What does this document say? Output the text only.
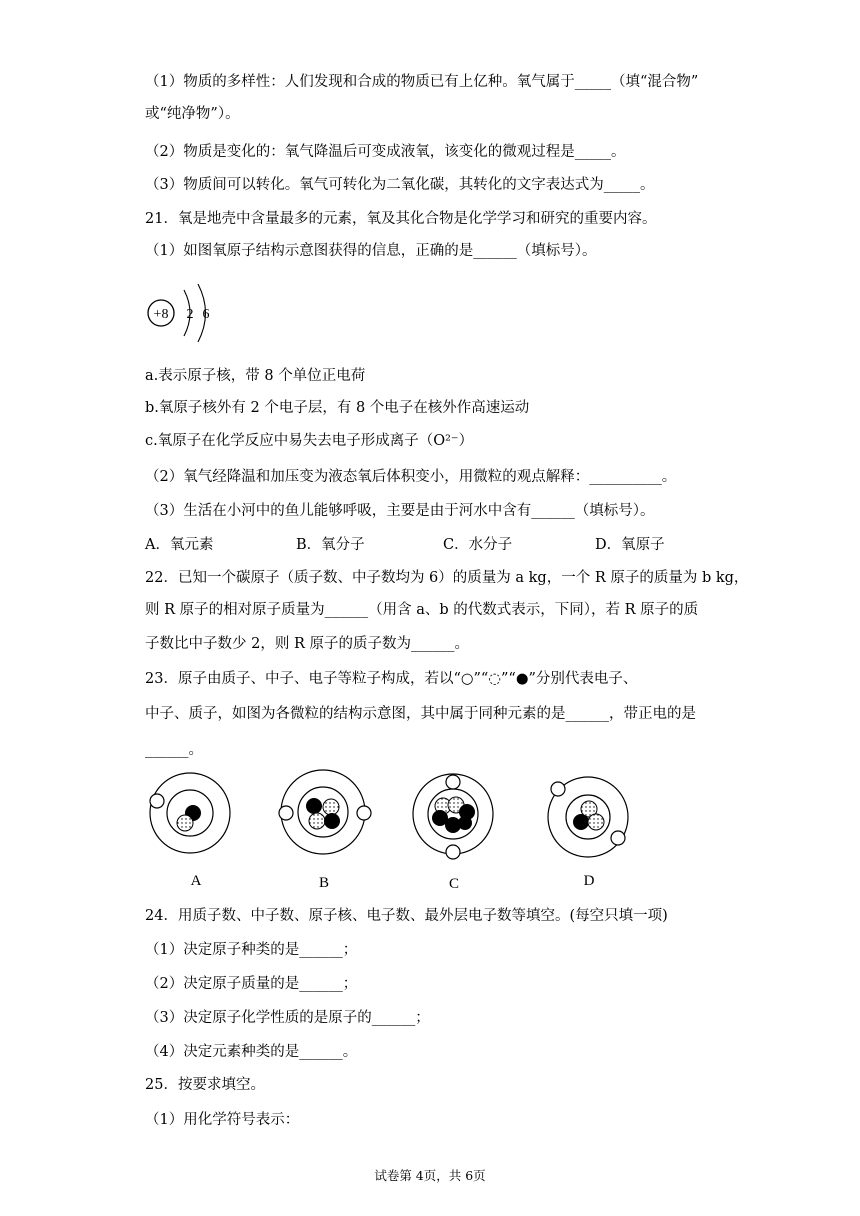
（1）物质的多样性：人们发现和合成的物质已有上亿种。氧气属于_____（填“混合物”
或“纯净物”）。
（2）物质是变化的：氧气降温后可变成液氧，该变化的微观过程是_____。
（3）物质间可以转化。氧气可转化为二氧化碳，其转化的文字表达式为_____。
21．氧是地壳中含量最多的元素，氧及其化合物是化学学习和研究的重要内容。
（1）如图氧原子结构示意图获得的信息，正确的是______（填标号）。
+8 2 6
a.表示原子核，带 8 个单位正电荷
b.氧原子核外有 2 个电子层，有 8 个电子在核外作高速运动
c.氧原子在化学反应中易失去电子形成离子（O²⁻）
（2）氧气经降温和加压变为液态氧后体积变小，用微粒的观点解释：__________。
（3）生活在小河中的鱼儿能够呼吸，主要是由于河水中含有______（填标号）。
A．氧元素	B．氧分子	C．水分子	D．氧原子
22．已知一个碳原子（质子数、中子数均为 6）的质量为 a kg，一个 R 原子的质量为 b kg，
则 R 原子的相对原子质量为______（用含 a、b 的代数式表示，下同），若 R 原子的质
子数比中子数少 2，则 R 原子的质子数为______。
23．原子由质子、中子、电子等粒子构成，若以“○”“◌”“●”分别代表电子、
中子、质子，如图为各微粒的结构示意图，其中属于同种元素的是______，带正电的是
______。
A	B	C	D
24．用质子数、中子数、原子核、电子数、最外层电子数等填空。(每空只填一项)
（1）决定原子种类的是______；
（2）决定原子质量的是______；
（3）决定原子化学性质的是原子的______；
（4）决定元素种类的是______。
25．按要求填空。
（1）用化学符号表示：
试卷第 4页，共 6页
